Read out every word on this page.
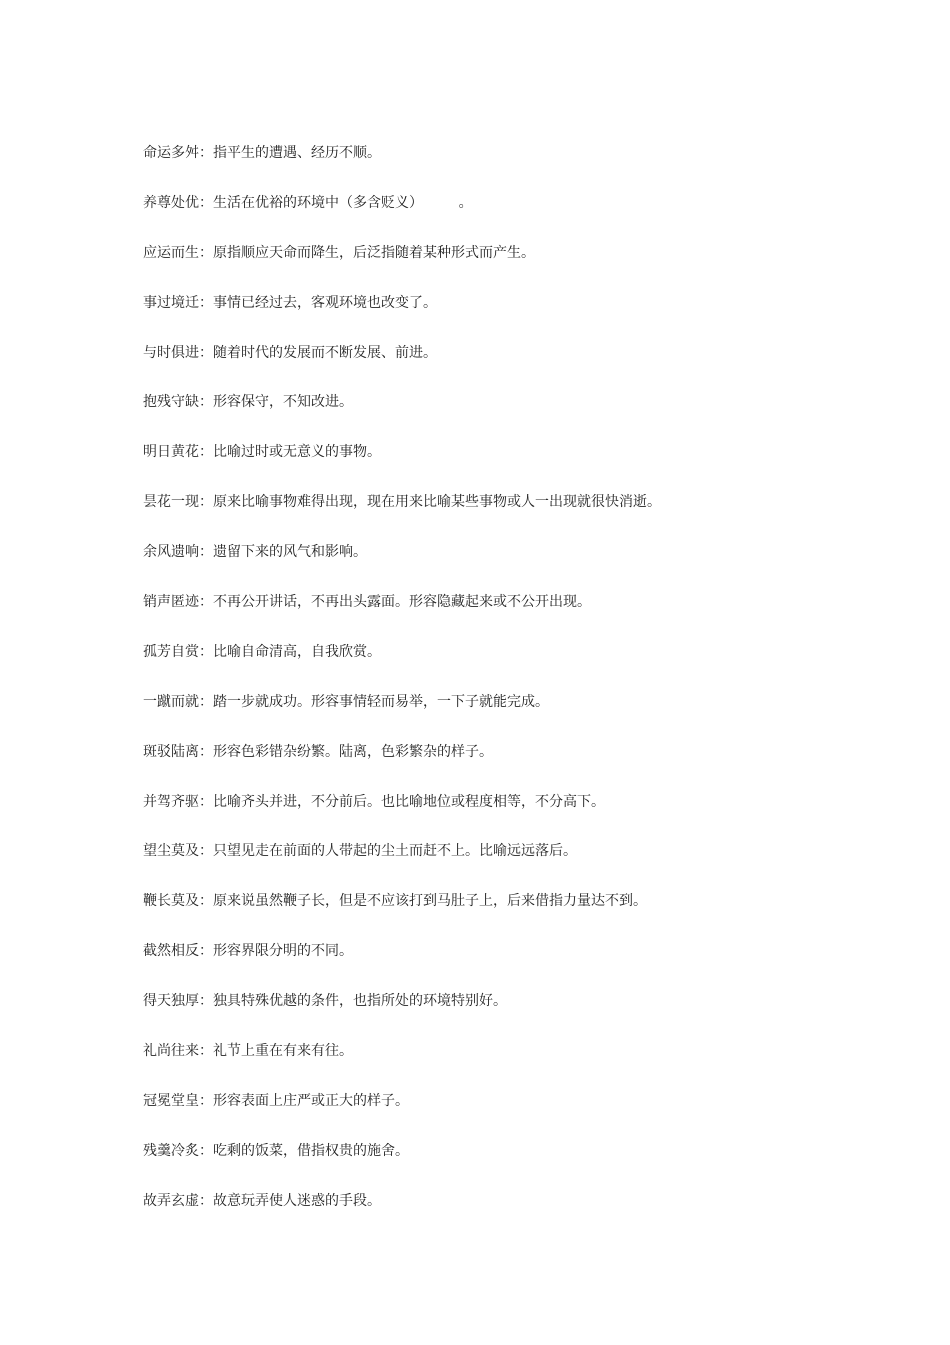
命运多舛：指平生的遭遇、经历不顺。
养尊处优：生活在优裕的环境中（多含贬义）        。
应运而生：原指顺应天命而降生，后泛指随着某种形式而产生。
事过境迁：事情已经过去，客观环境也改变了。
与时俱进：随着时代的发展而不断发展、前进。
抱残守缺：形容保守，不知改进。
明日黄花：比喻过时或无意义的事物。
昙花一现：原来比喻事物难得出现，现在用来比喻某些事物或人一出现就很快消逝。
余风遗响：遗留下来的风气和影响。
销声匿迹：不再公开讲话，不再出头露面。形容隐藏起来或不公开出现。
孤芳自赏：比喻自命清高，自我欣赏。
一蹴而就：踏一步就成功。形容事情轻而易举，一下子就能完成。
斑驳陆离：形容色彩错杂纷繁。陆离，色彩繁杂的样子。
并驾齐驱：比喻齐头并进，不分前后。也比喻地位或程度相等，不分高下。
望尘莫及：只望见走在前面的人带起的尘土而赶不上。比喻远远落后。
鞭长莫及：原来说虽然鞭子长，但是不应该打到马肚子上，后来借指力量达不到。
截然相反：形容界限分明的不同。
得天独厚：独具特殊优越的条件，也指所处的环境特别好。
礼尚往来：礼节上重在有来有往。
冠冕堂皇：形容表面上庄严或正大的样子。
残羹冷炙：吃剩的饭菜，借指权贵的施舍。
故弄玄虚：故意玩弄使人迷惑的手段。
